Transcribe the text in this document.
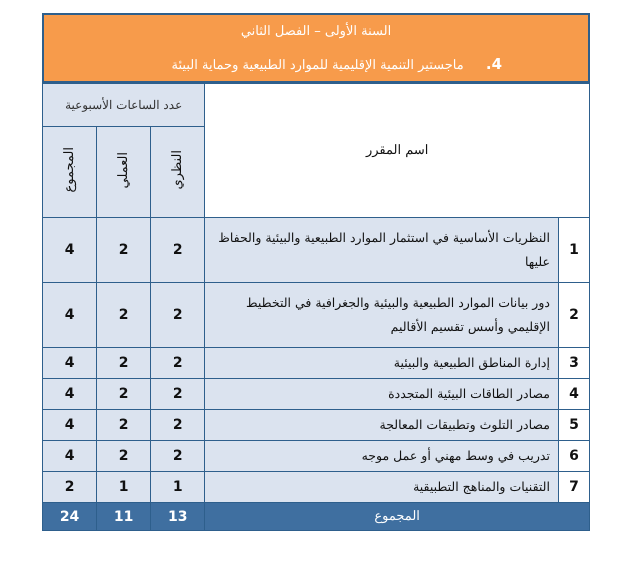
السنة الأولى – الفصل الثاني
4. ماجستير التنمية الإقليمية للموارد الطبيعية وحماية البيئة
اسم المقرر		عدد الساعات الأسبوعية		
		النظري	العملي	المجموع
1	النظريات الأساسية في استثمار الموارد الطبيعية والبيئية والحفاظ عليها	2	2	4
2	دور بيانات الموارد الطبيعية والبيئية والجغرافية في التخطيط الإقليمي وأسس تقسيم الأقاليم	2	2	4
3	إدارة المناطق الطبيعية والبيئية	2	2	4
4	مصادر الطاقات البيئية المتجددة	2	2	4
5	مصادر التلوث وتطبيقات المعالجة	2	2	4
6	تدريب في وسط مهني أو عمل موجه	2	2	4
7	التقنيات والمناهج التطبيقية	1	1	2
المجموع		13	11	24
